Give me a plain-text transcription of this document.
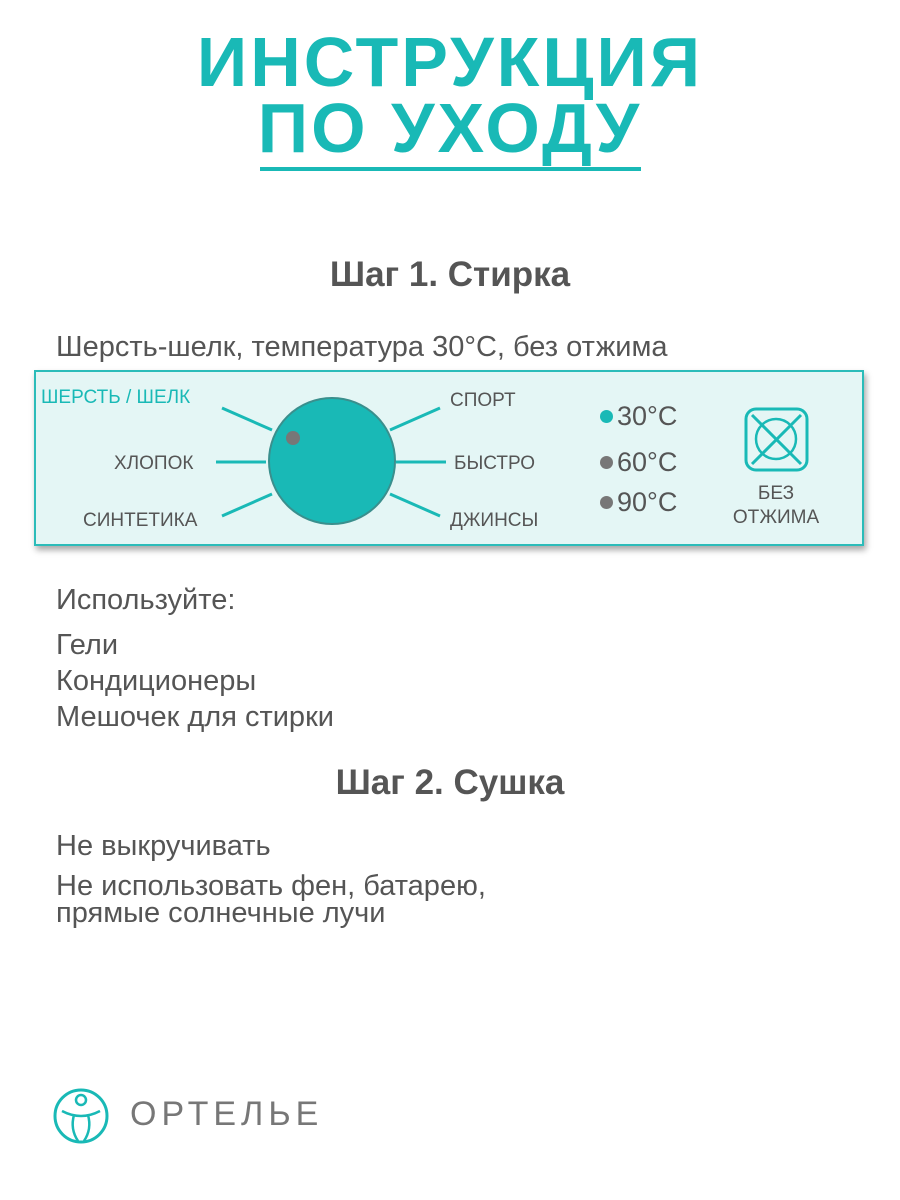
ИНСТРУКЦИЯ
ПО УХОДУ
Шаг 1. Стирка
Шерсть-шелк, температура 30°C, без отжима
ШЕРСТЬ / ШЕЛК
ХЛОПОК
СИНТЕТИКА
СПОРТ
БЫСТРО
ДЖИНСЫ
30°C
60°C
90°C	БЕЗ
ОТЖИМА
Используйте:
Гели
Кондиционеры
Мешочек для стирки
Шаг 2. Сушка
Не выкручивать
Не использовать фен, батарею,
прямые солнечные лучи
ОРТЕЛЬЕ
